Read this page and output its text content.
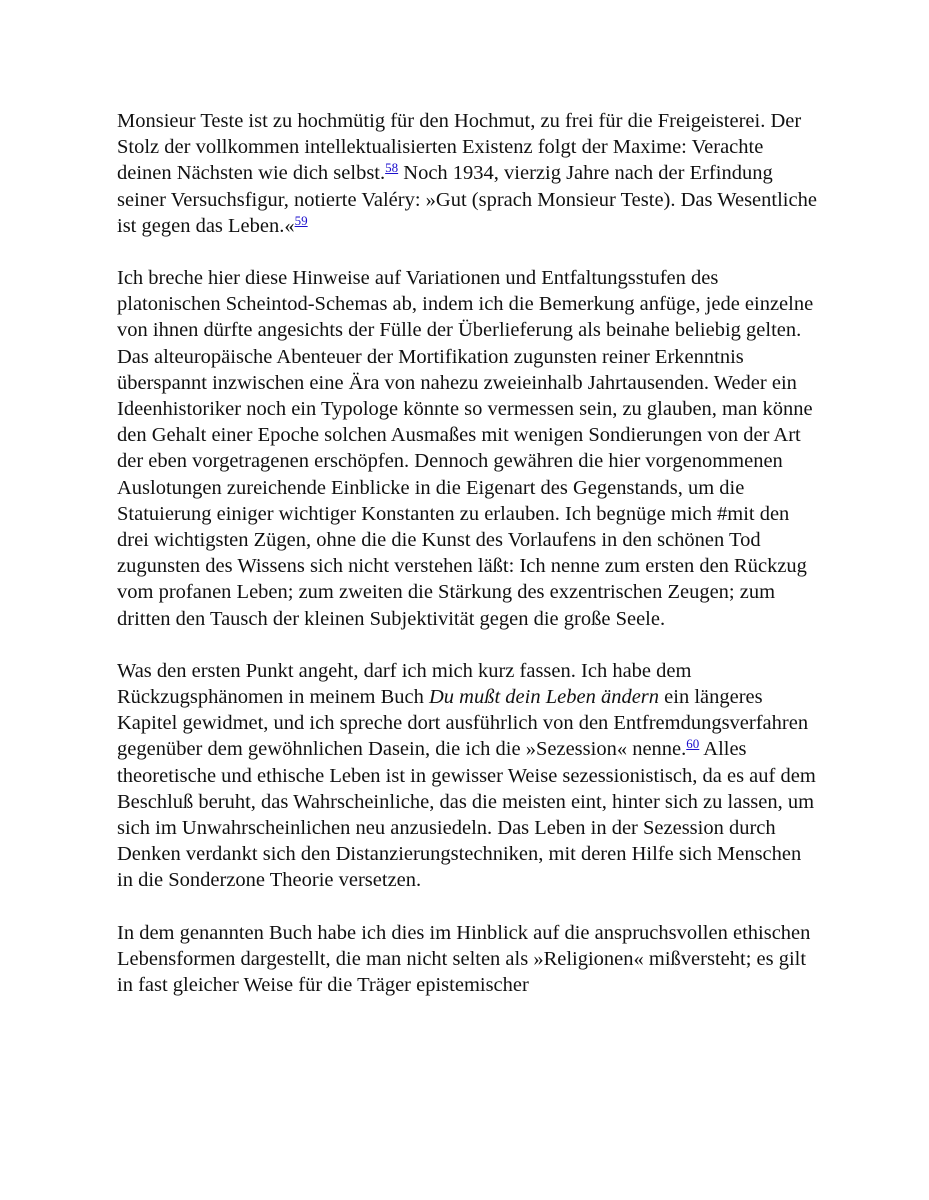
Monsieur Teste ist zu hochmütig für den Hochmut, zu frei für die Freigeisterei. Der Stolz der vollkommen intellektualisierten Existenz folgt der Maxime: Verachte deinen Nächsten wie dich selbst.$^{58}$ Noch 1934, vierzig Jahre nach der Erfindung seiner Versuchsfigur, notierte Valéry: »Gut (sprach Monsieur Teste). Das Wesentliche ist gegen das Leben.«$^{59}$

Ich breche hier diese Hinweise auf Variationen und Entfaltungsstufen des platonischen Scheintod-Schemas ab, indem ich die Bemerkung anfüge, jede einzelne von ihnen dürfte angesichts der Fülle der Überlieferung als beinahe beliebig gelten. Das alteuropäische Abenteuer der Mortifikation zugunsten reiner Erkenntnis überspannt inzwischen eine Ära von nahezu zweieinhalb Jahrtausenden. Weder ein Ideenhistoriker noch ein Typologe könnte so vermessen sein, zu glauben, man könne den Gehalt einer Epoche solchen Ausmaßes mit wenigen Sondierungen von der Art der eben vorgetragenen erschöpfen. Dennoch gewähren die hier vorgenommenen Auslotungen zureichende Einblicke in die Eigenart des Gegenstands, um die Statuierung einiger wichtiger Konstanten zu erlauben. Ich begnüge mich #mit den drei wichtigsten Zügen, ohne die die Kunst des Vorlaufens in den schönen Tod zugunsten des Wissens sich nicht verstehen läßt: Ich nenne zum ersten den Rückzug vom profanen Leben; zum zweiten die Stärkung des exzentrischen Zeugen; zum dritten den Tausch der kleinen Subjektivität gegen die große Seele.

Was den ersten Punkt angeht, darf ich mich kurz fassen. Ich habe dem Rückzugsphänomen in meinem Buch Du mußt dein Leben ändern ein längeres Kapitel gewidmet, und ich spreche dort ausführlich von den Entfremdungsverfahren gegenüber dem gewöhnlichen Dasein, die ich die »Sezession« nenne.$^{60}$ Alles theoretische und ethische Leben ist in gewisser Weise sezessionistisch, da es auf dem Beschluß beruht, das Wahrscheinliche, das die meisten eint, hinter sich zu lassen, um sich im Unwahrscheinlichen neu anzusiedeln. Das Leben in der Sezession durch Denken verdankt sich den Distanzierungstechniken, mit deren Hilfe sich Menschen in die Sonderzone Theorie versetzen.

In dem genannten Buch habe ich dies im Hinblick auf die anspruchsvollen ethischen Lebensformen dargestellt, die man nicht selten als »Religionen« mißversteht; es gilt in fast gleicher Weise für die Träger epistemischer
